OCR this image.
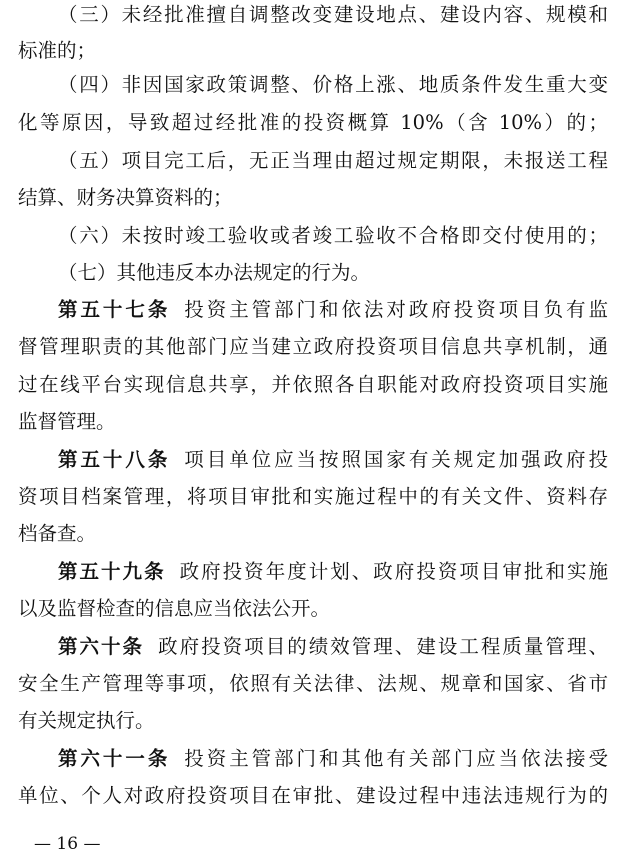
（三）未经批准擅自调整改变建设地点、建设内容、规模和
标准的；
（四）非因国家政策调整、价格上涨、地质条件发生重大变
化等原因，导致超过经批准的投资概算 10%（含 10%）的；
（五）项目完工后，无正当理由超过规定期限，未报送工程
结算、财务决算资料的；
（六）未按时竣工验收或者竣工验收不合格即交付使用的；
（七）其他违反本办法规定的行为。
第五十七条 投资主管部门和依法对政府投资项目负有监
督管理职责的其他部门应当建立政府投资项目信息共享机制，通
过在线平台实现信息共享，并依照各自职能对政府投资项目实施
监督管理。
第五十八条 项目单位应当按照国家有关规定加强政府投
资项目档案管理，将项目审批和实施过程中的有关文件、资料存
档备查。
第五十九条 政府投资年度计划、政府投资项目审批和实施
以及监督检查的信息应当依法公开。
第六十条 政府投资项目的绩效管理、建设工程质量管理、
安全生产管理等事项，依照有关法律、法规、规章和国家、省市
有关规定执行。
第六十一条 投资主管部门和其他有关部门应当依法接受
单位、个人对政府投资项目在审批、建设过程中违法违规行为的
— 16 —
